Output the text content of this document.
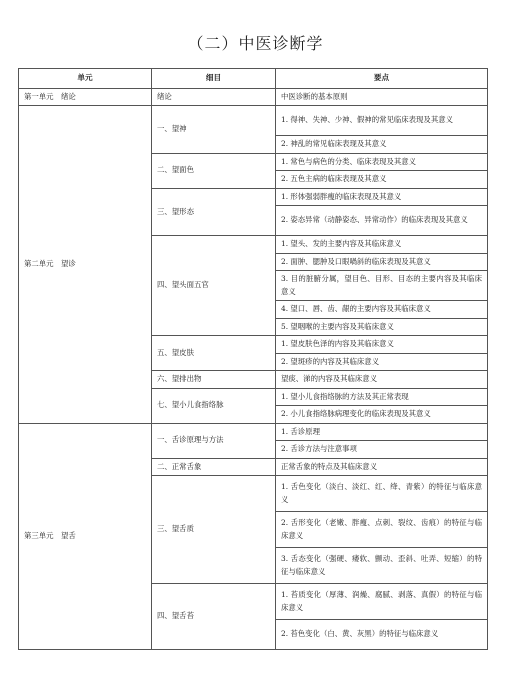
（二）中医诊断学
单元	细目	要点
第一单元　绪论	绪论	中医诊断的基本原则
第二单元　望诊	一、望神	1. 得神、失神、少神、假神的常见临床表现及其意义
		2. 神乱的常见临床表现及其意义
	二、望面色	1. 常色与病色的分类、临床表现及其意义
		2. 五色主病的临床表现及其意义
	三、望形态	1. 形体强弱胖瘦的临床表现及其意义
		2. 姿态异常（动静姿态、异常动作）的临床表现及其意义
	四、望头面五官	1. 望头、发的主要内容及其临床意义
		2. 面肿、腮肿及口眼喎斜的临床表现及其意义
		3. 目的脏腑分属，望目色、目形、目态的主要内容及其临床意义
		4. 望口、唇、齿、龈的主要内容及其临床意义
		5. 望咽喉的主要内容及其临床意义
	五、望皮肤	1. 望皮肤色泽的内容及其临床意义
		2. 望斑疹的内容及其临床意义
	六、望排出物	望痰、涕的内容及其临床意义
	七、望小儿食指络脉	1. 望小儿食指络脉的方法及其正常表现
		2. 小儿食指络脉病理变化的临床表现及其意义
第三单元　望舌	一、舌诊原理与方法	1. 舌诊原理
		2. 舌诊方法与注意事项
	二、正常舌象	正常舌象的特点及其临床意义
	三、望舌质	1. 舌色变化（淡白、淡红、红、绛、青紫）的特征与临床意义
		2. 舌形变化（老嫩、胖瘦、点刺、裂纹、齿痕）的特征与临床意义
		3. 舌态变化（强硬、痿软、颤动、歪斜、吐弄、短缩）的特征与临床意义
	四、望舌苔	1. 苔质变化（厚薄、润燥、腐腻、剥落、真假）的特征与临床意义
		2. 苔色变化（白、黄、灰黑）的特征与临床意义
